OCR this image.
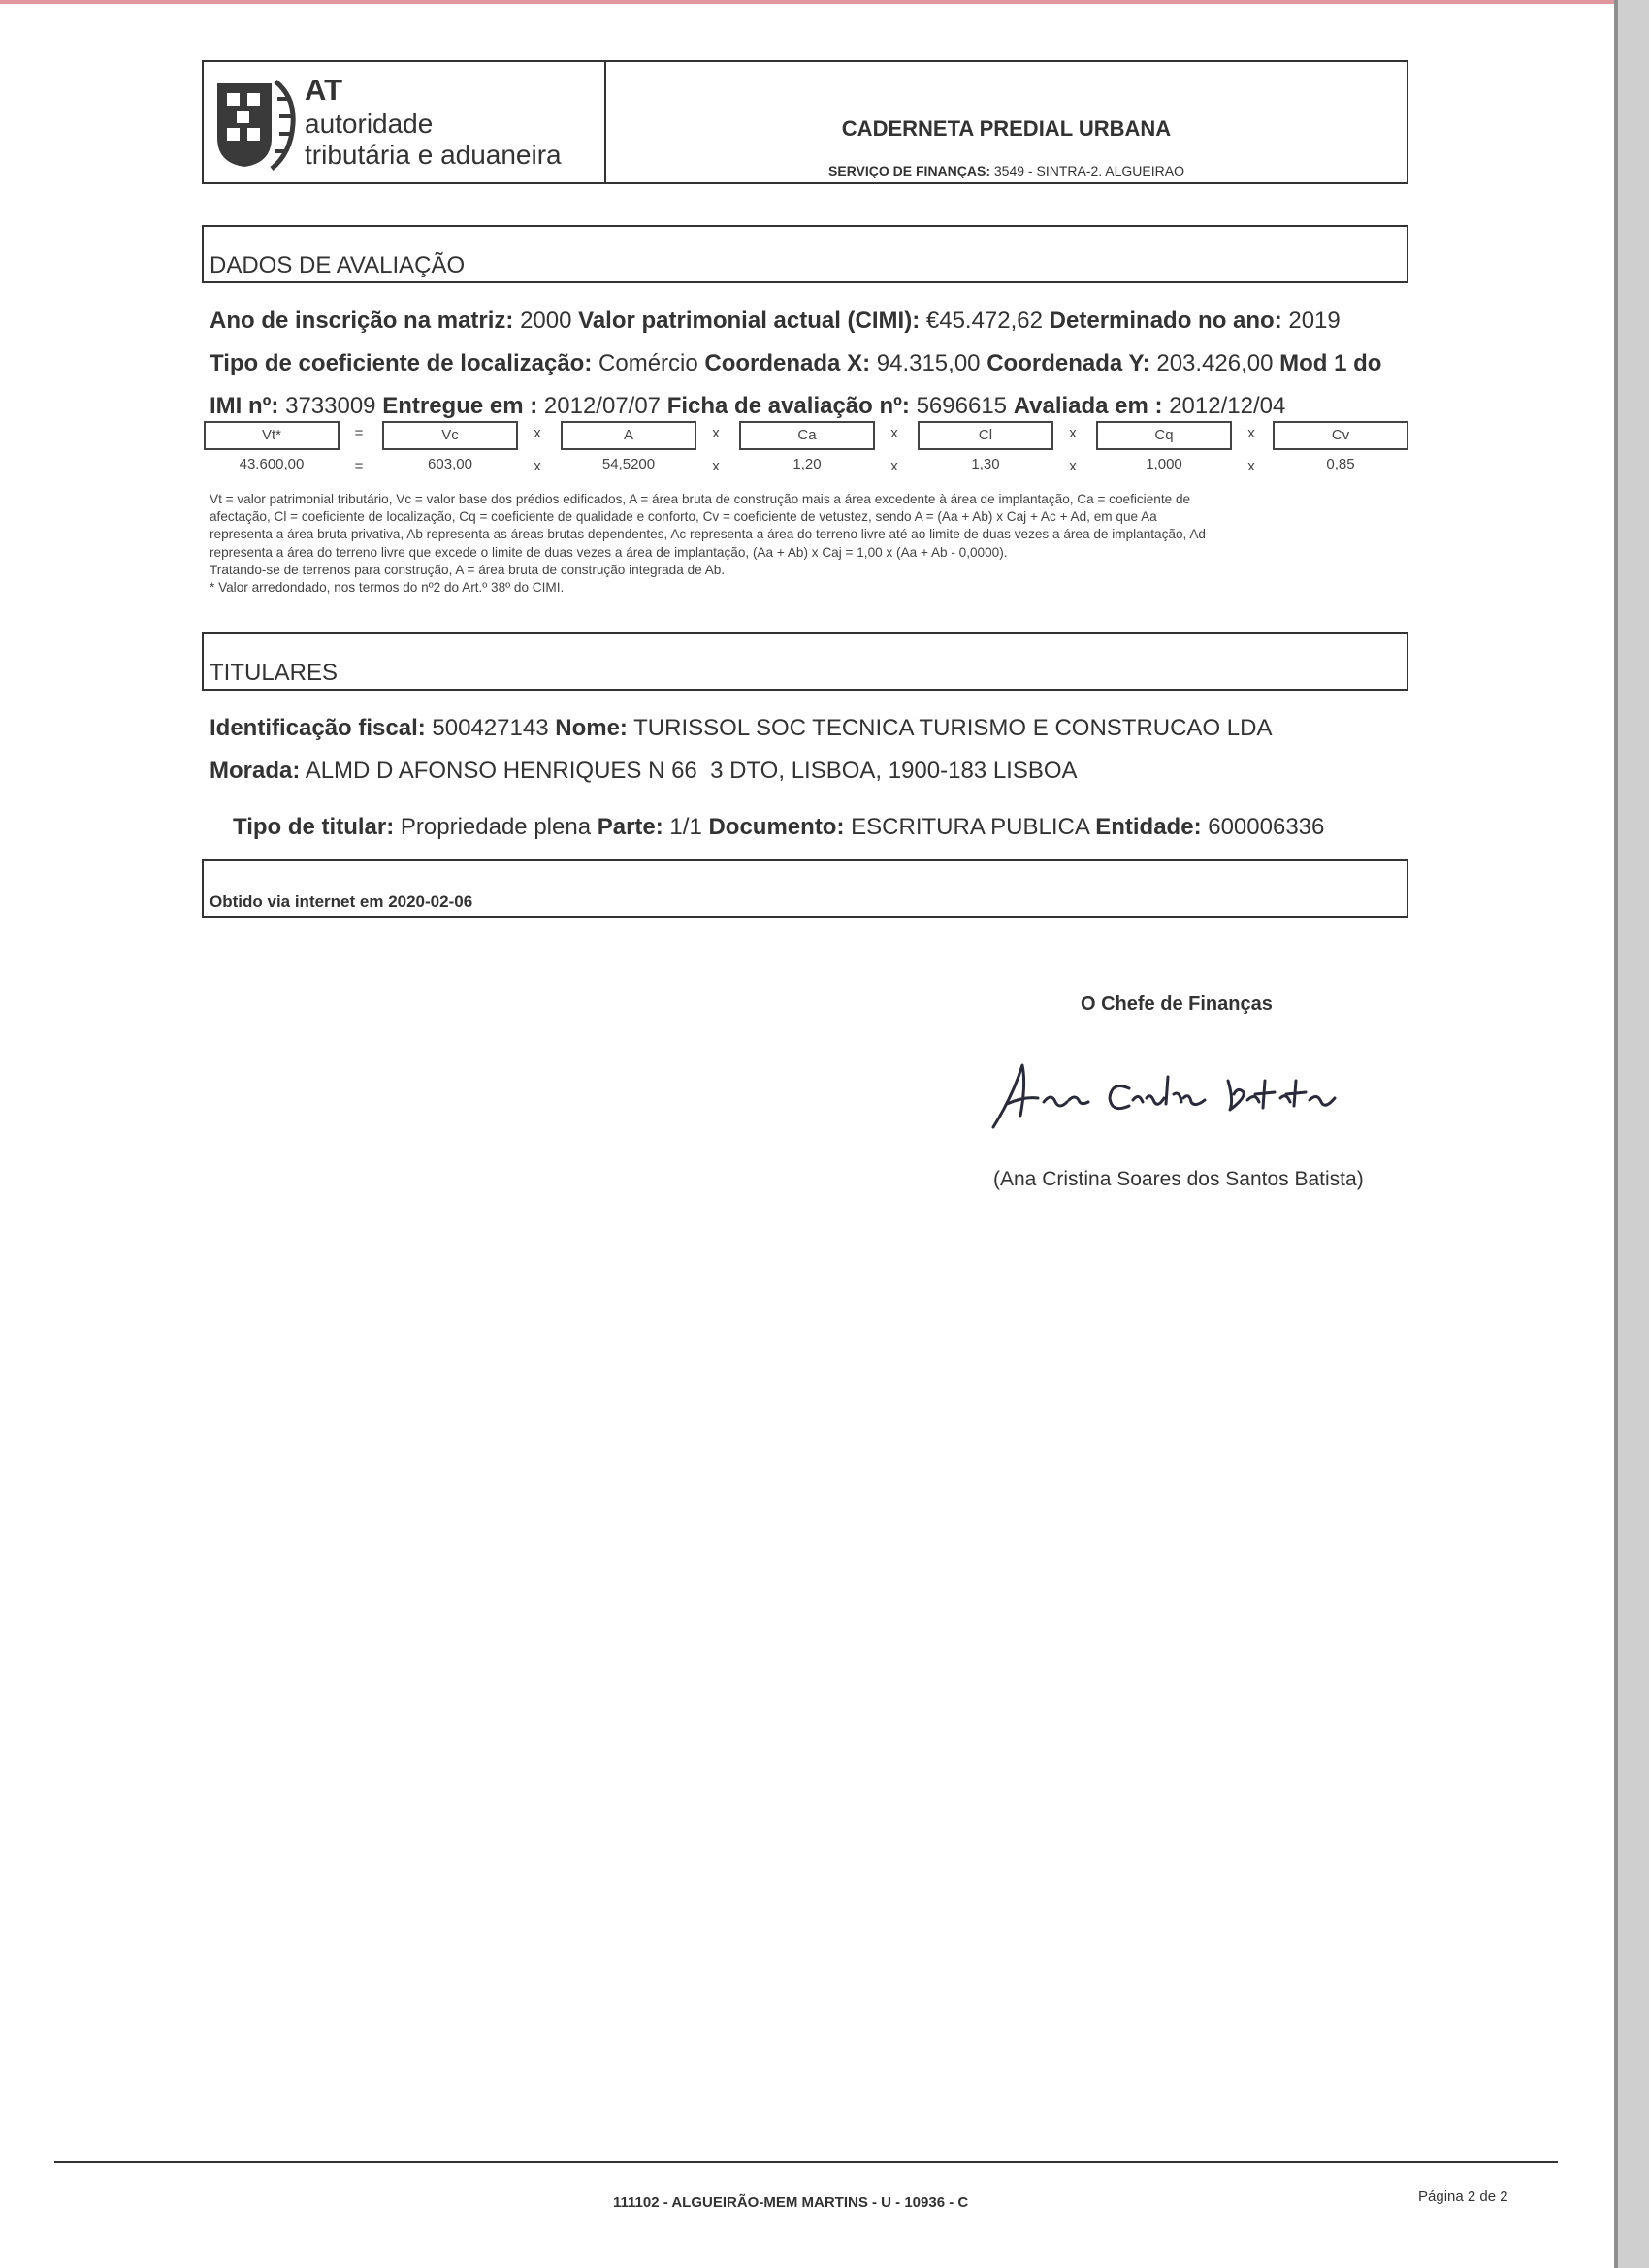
AT
autoridade
tributária e aduaneira
CADERNETA PREDIAL URBANA
SERVIÇO DE FINANÇAS: 3549 - SINTRA-2. ALGUEIRAO
DADOS DE AVALIAÇÃO
Ano de inscrição na matriz: 2000 Valor patrimonial actual (CIMI): €45.472,62 Determinado no ano: 2019
Tipo de coeficiente de localização: Comércio Coordenada X: 94.315,00 Coordenada Y: 203.426,00 Mod 1 do
IMI nº: 3733009 Entregue em : 2012/07/07 Ficha de avaliação nº: 5696615 Avaliada em : 2012/12/04
Vt*	=	Vc	x	A	x	Ca	x	Cl	x	Cq	x	Cv
43.600,00	=	603,00	x	54,5200	x	1,20	x	1,30	x	1,000	x	0,85

Vt = valor patrimonial tributário, Vc = valor base dos prédios edificados, A = área bruta de construção mais a área excedente à área de implantação, Ca = coeficiente de

afectação, Cl = coeficiente de localização, Cq = coeficiente de qualidade e conforto, Cv = coeficiente de vetustez, sendo A = (Aa + Ab) x Caj + Ac + Ad, em que Aa

representa a área bruta privativa, Ab representa as áreas brutas dependentes, Ac representa a área do terreno livre até ao limite de duas vezes a área de implantação, Ad

representa a área do terreno livre que excede o limite de duas vezes a área de implantação, (Aa + Ab) x Caj = 1,00 x (Aa + Ab - 0,0000).

Tratando-se de terrenos para construção, A = área bruta de construção integrada de Ab.

* Valor arredondado, nos termos do nº2 do Art.º 38º do CIMI.

TITULARES
Identificação fiscal: 500427143 Nome: TURISSOL SOC TECNICA TURISMO E CONSTRUCAO LDA
Morada: ALMD D AFONSO HENRIQUES N 66  3 DTO, LISBOA, 1900-183 LISBOA
Tipo de titular: Propriedade plena Parte: 1/1 Documento: ESCRITURA PUBLICA Entidade: 600006336
Obtido via internet em 2020-02-06
O Chefe de Finanças
(Ana Cristina Soares dos Santos Batista)
111102 - ALGUEIRÃO-MEM MARTINS - U - 10936 - C	Página 2 de 2
